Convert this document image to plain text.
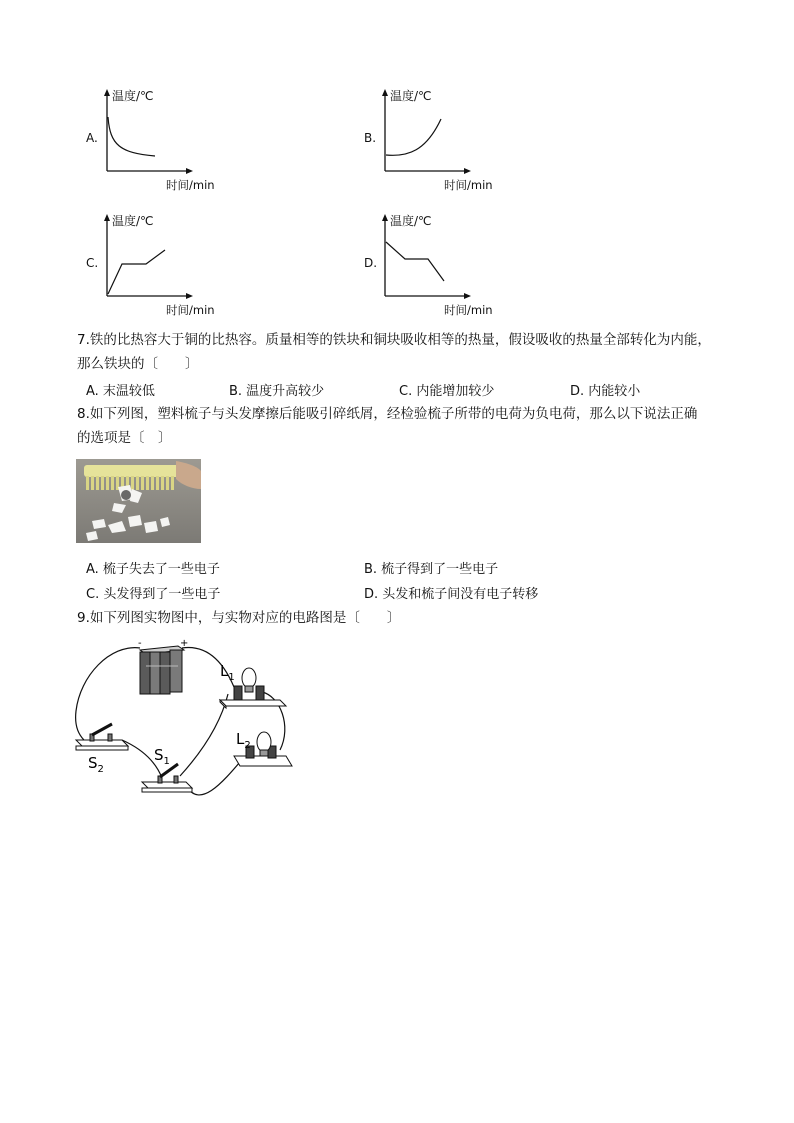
A.
温度/℃
时间/min
B.
温度/℃
时间/min
C.
温度/℃
时间/min
D.
温度/℃
时间/min
7.铁的比热容大于铜的比热容。质量相等的铁块和铜块吸收相等的热量，假设吸收的热量全部转化为内能，
那么铁块的〔　　〕
A. 末温较低	B. 温度升高较少	C. 内能增加较少	D. 内能较小
8.如下列图，塑料梳子与头发摩擦后能吸引碎纸屑，经检验梳子所带的电荷为负电荷，那么以下说法正确
的选项是〔　〕
A. 梳子失去了一些电子	B. 梳子得到了一些电子
C. 头发得到了一些电子	D. 头发和梳子间没有电子转移
9.如下列图实物图中，与实物对应的电路图是〔　　〕
-	+
$L_1$
$L_2$
$S_2$
$S_1$
